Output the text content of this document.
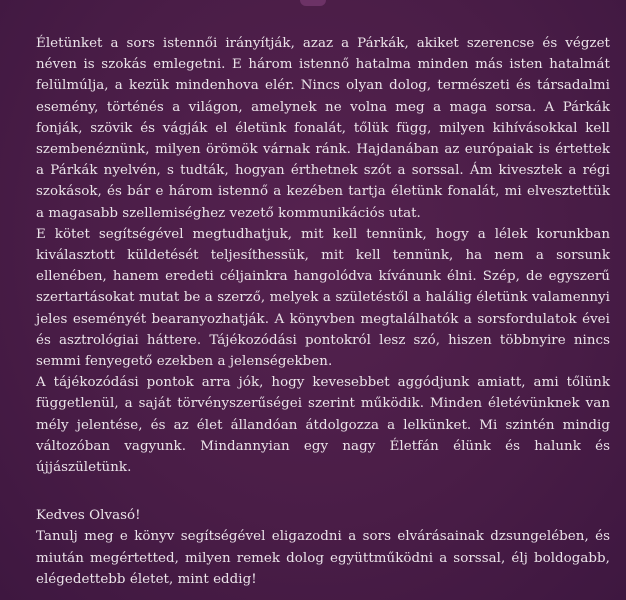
Életünket a sors istennői irányítják, azaz a Párkák, akiket szerencse és végzet néven is szokás emlegetni. E három istennő hatalma minden más isten hatalmát felülmúlja, a kezük mindenhova elér. Nincs olyan dolog, természeti és társadalmi esemény, történés a világon, amelynek ne volna meg a maga sorsa. A Párkák fonják, szövik és vágják el életünk fonalát, tőlük függ, milyen kihívásokkal kell szembenéznünk, milyen örömök várnak ránk. Hajdanában az európaiak is értettek a Párkák nyelvén, s tudták, hogyan érthetnek szót a sorssal. Ám kivesztek a régi szokások, és bár e három istennő a kezében tartja életünk fonalát, mi elvesztettük a magasabb szellemiséghez vezető kommunikációs utat.

E kötet segítségével megtudhatjuk, mit kell tennünk, hogy a lélek korunkban kiválasztott küldetését teljesíthessük, mit kell tennünk, ha nem a sorsunk ellenében, hanem eredeti céljainkra hangolódva kívánunk élni. Szép, de egyszerű szertartásokat mutat be a szerző, melyek a születéstől a halálig életünk valamennyi jeles eseményét bearanyozhatják. A könyvben megtalálhatók a sorsfordulatok évei és asztrológiai háttere. Tájékozódási pontokról lesz szó, hiszen többnyire nincs semmi fenyegető ezekben a jelenségekben.

A tájékozódási pontok arra jók, hogy kevesebbet aggódjunk amiatt, ami tőlünk függetlenül, a saját törvényszerűségei szerint működik. Minden életévünknek van mély jelentése, és az élet állandóan átdolgozza a lelkünket. Mi szintén mindig változóban vagyunk. Mindannyian egy nagy Életfán élünk és halunk és újjászületünk.

Kedves Olvasó!

Tanulj meg e könyv segítségével eligazodni a sors elvárásainak dzsungelében, és miután megértetted, milyen remek dolog együttműködni a sorssal, élj boldogabb, elégedettebb életet, mint eddig!
